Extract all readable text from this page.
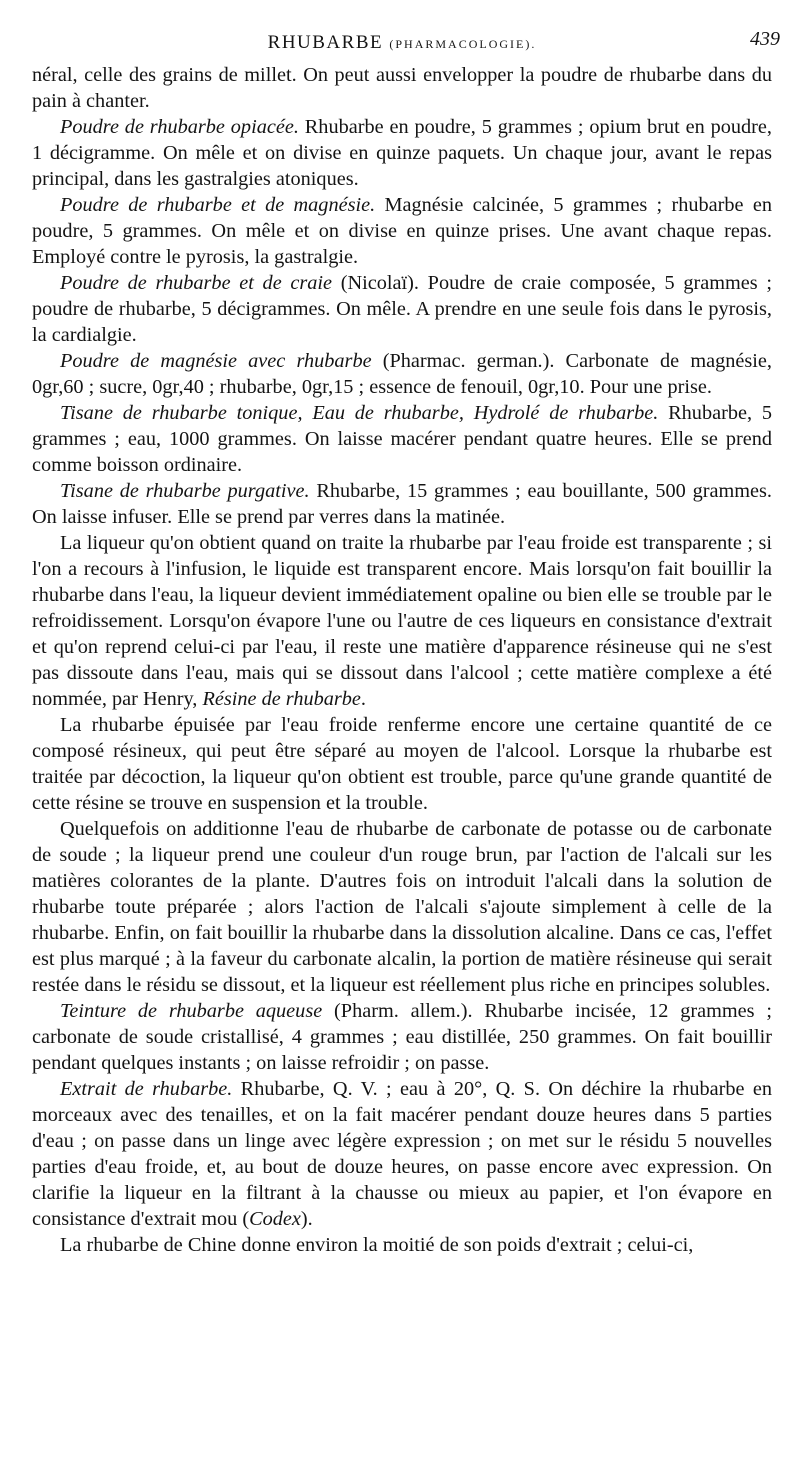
RHUBARBE (PHARMACOLOGIE).	439

néral, celle des grains de millet. On peut aussi envelopper la poudre de rhubarbe dans du pain à chanter.

Poudre de rhubarbe opiacée. Rhubarbe en poudre, 5 grammes ; opium brut en poudre, 1 décigramme. On mêle et on divise en quinze paquets. Un chaque jour, avant le repas principal, dans les gastralgies atoniques.

Poudre de rhubarbe et de magnésie. Magnésie calcinée, 5 grammes ; rhubarbe en poudre, 5 grammes. On mêle et on divise en quinze prises. Une avant chaque repas. Employé contre le pyrosis, la gastralgie.

Poudre de rhubarbe et de craie (Nicolaï). Poudre de craie composée, 5 grammes ; poudre de rhubarbe, 5 décigrammes. On mêle. A prendre en une seule fois dans le pyrosis, la cardialgie.

Poudre de magnésie avec rhubarbe (Pharmac. german.). Carbonate de magnésie, 0gr,60 ; sucre, 0gr,40 ; rhubarbe, 0gr,15 ; essence de fenouil, 0gr,10. Pour une prise.

Tisane de rhubarbe tonique, Eau de rhubarbe, Hydrolé de rhubarbe. Rhubarbe, 5 grammes ; eau, 1000 grammes. On laisse macérer pendant quatre heures. Elle se prend comme boisson ordinaire.

Tisane de rhubarbe purgative. Rhubarbe, 15 grammes ; eau bouillante, 500 grammes. On laisse infuser. Elle se prend par verres dans la matinée.

La liqueur qu'on obtient quand on traite la rhubarbe par l'eau froide est transparente ; si l'on a recours à l'infusion, le liquide est transparent encore. Mais lorsqu'on fait bouillir la rhubarbe dans l'eau, la liqueur devient immédiatement opaline ou bien elle se trouble par le refroidissement. Lorsqu'on évapore l'une ou l'autre de ces liqueurs en consistance d'extrait et qu'on reprend celui-ci par l'eau, il reste une matière d'apparence résineuse qui ne s'est pas dissoute dans l'eau, mais qui se dissout dans l'alcool ; cette matière complexe a été nommée, par Henry, Résine de rhubarbe.

La rhubarbe épuisée par l'eau froide renferme encore une certaine quantité de ce composé résineux, qui peut être séparé au moyen de l'alcool. Lorsque la rhubarbe est traitée par décoction, la liqueur qu'on obtient est trouble, parce qu'une grande quantité de cette résine se trouve en suspension et la trouble.

Quelquefois on additionne l'eau de rhubarbe de carbonate de potasse ou de carbonate de soude ; la liqueur prend une couleur d'un rouge brun, par l'action de l'alcali sur les matières colorantes de la plante. D'autres fois on introduit l'alcali dans la solution de rhubarbe toute préparée ; alors l'action de l'alcali s'ajoute simplement à celle de la rhubarbe. Enfin, on fait bouillir la rhubarbe dans la dissolution alcaline. Dans ce cas, l'effet est plus marqué ; à la faveur du carbonate alcalin, la portion de matière résineuse qui serait restée dans le résidu se dissout, et la liqueur est réellement plus riche en principes solubles.

Teinture de rhubarbe aqueuse (Pharm. allem.). Rhubarbe incisée, 12 grammes ; carbonate de soude cristallisé, 4 grammes ; eau distillée, 250 grammes. On fait bouillir pendant quelques instants ; on laisse refroidir ; on passe.

Extrait de rhubarbe. Rhubarbe, Q. V. ; eau à 20°, Q. S. On déchire la rhubarbe en morceaux avec des tenailles, et on la fait macérer pendant douze heures dans 5 parties d'eau ; on passe dans un linge avec légère expression ; on met sur le résidu 5 nouvelles parties d'eau froide, et, au bout de douze heures, on passe encore avec expression. On clarifie la liqueur en la filtrant à la chausse ou mieux au papier, et l'on évapore en consistance d'extrait mou (Codex).

La rhubarbe de Chine donne environ la moitié de son poids d'extrait ; celui-ci,
